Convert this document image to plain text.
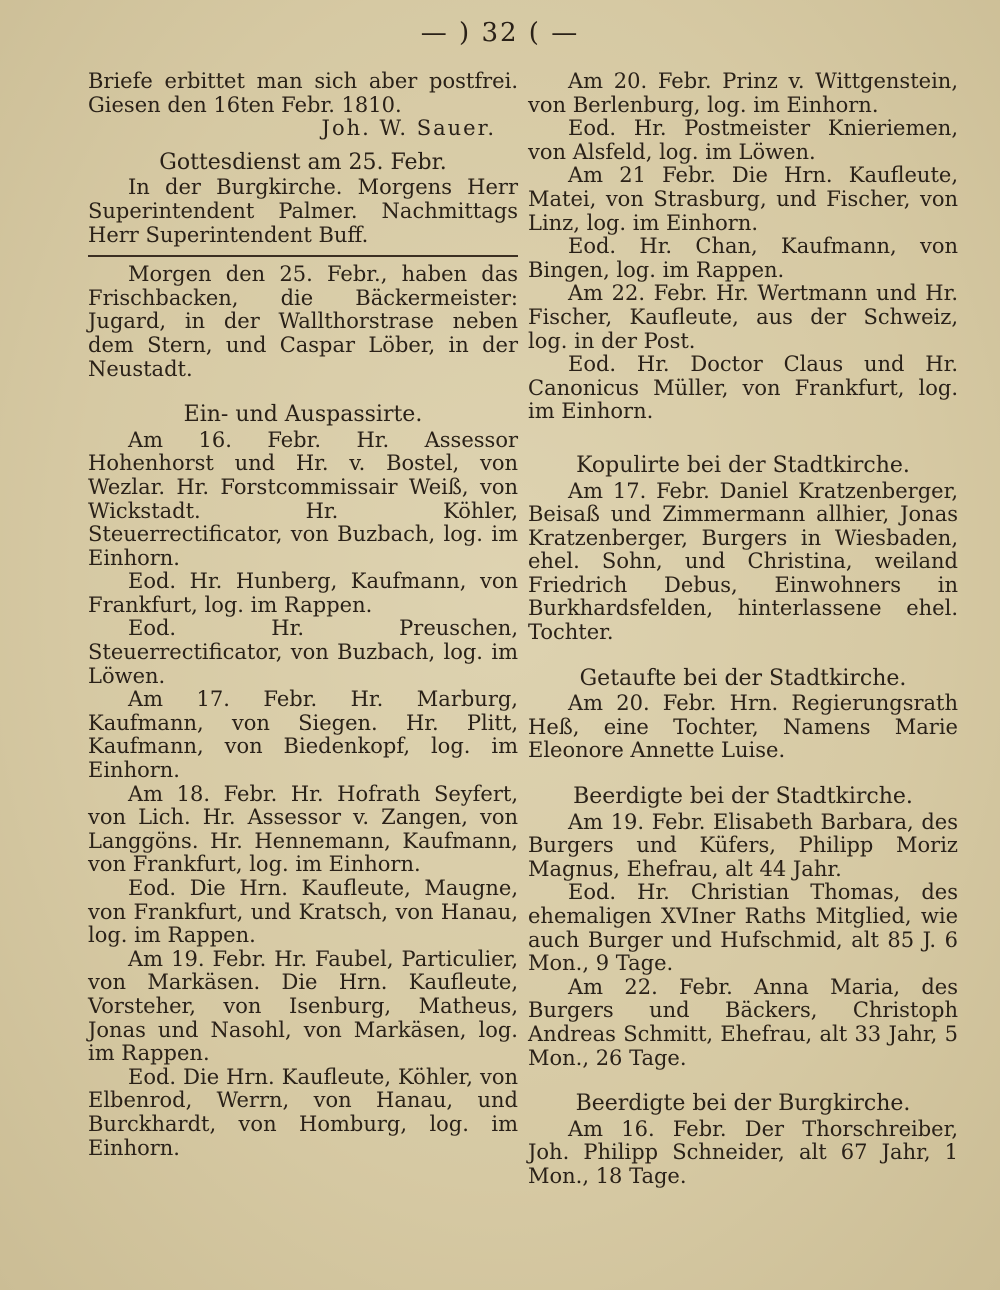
— ) 32 ( —

Briefe erbittet man sich aber postfrei. Giesen den 16ten Febr. 1810.

Joh. W. Sauer.

Gottesdienst am 25. Febr.

In der Burgkirche. Morgens Herr Superintendent Palmer. Nachmittags Herr Superintendent Buff.

Morgen den 25. Febr., haben das Frischbacken, die Bäckermeister: Jugard, in der Wallthorstrase neben dem Stern, und Caspar Löber, in der Neustadt.

Ein- und Auspassirte.

Am 16. Febr. Hr. Assessor Hohenhorst und Hr. v. Bostel, von Wezlar. Hr. Forstcommissair Weiß, von Wickstadt. Hr. Köhler, Steuerrectificator, von Buzbach, log. im Einhorn.

Eod. Hr. Hunberg, Kaufmann, von Frankfurt, log. im Rappen.

Eod. Hr. Preuschen, Steuerrectificator, von Buzbach, log. im Löwen.

Am 17. Febr. Hr. Marburg, Kaufmann, von Siegen. Hr. Plitt, Kaufmann, von Biedenkopf, log. im Einhorn.

Am 18. Febr. Hr. Hofrath Seyfert, von Lich. Hr. Assessor v. Zangen, von Langgöns. Hr. Hennemann, Kaufmann, von Frankfurt, log. im Einhorn.

Eod. Die Hrn. Kaufleute, Maugne, von Frankfurt, und Kratsch, von Hanau, log. im Rappen.

Am 19. Febr. Hr. Faubel, Particulier, von Markäsen. Die Hrn. Kaufleute, Vorsteher, von Isenburg, Matheus, Jonas und Nasohl, von Markäsen, log. im Rappen.

Eod. Die Hrn. Kaufleute, Köhler, von Elbenrod, Werrn, von Hanau, und Burckhardt, von Homburg, log. im Einhorn.

Am 20. Febr. Prinz v. Wittgenstein, von Berlenburg, log. im Einhorn.

Eod. Hr. Postmeister Knieriemen, von Alsfeld, log. im Löwen.

Am 21 Febr. Die Hrn. Kaufleute, Matei, von Strasburg, und Fischer, von Linz, log. im Einhorn.

Eod. Hr. Chan, Kaufmann, von Bingen, log. im Rappen.

Am 22. Febr. Hr. Wertmann und Hr. Fischer, Kaufleute, aus der Schweiz, log. in der Post.

Eod. Hr. Doctor Claus und Hr. Canonicus Müller, von Frankfurt, log. im Einhorn.

Kopulirte bei der Stadtkirche.

Am 17. Febr. Daniel Kratzenberger, Beisaß und Zimmermann allhier, Jonas Kratzenberger, Burgers in Wiesbaden, ehel. Sohn, und Christina, weiland Friedrich Debus, Einwohners in Burkhardsfelden, hinterlassene ehel. Tochter.

Getaufte bei der Stadtkirche.

Am 20. Febr. Hrn. Regierungsrath Heß, eine Tochter, Namens Marie Eleonore Annette Luise.

Beerdigte bei der Stadtkirche.

Am 19. Febr. Elisabeth Barbara, des Burgers und Küfers, Philipp Moriz Magnus, Ehefrau, alt 44 Jahr.

Eod. Hr. Christian Thomas, des ehemaligen XVIner Raths Mitglied, wie auch Burger und Hufschmid, alt 85 J. 6 Mon., 9 Tage.

Am 22. Febr. Anna Maria, des Burgers und Bäckers, Christoph Andreas Schmitt, Ehefrau, alt 33 Jahr, 5 Mon., 26 Tage.

Beerdigte bei der Burgkirche.

Am 16. Febr. Der Thorschreiber, Joh. Philipp Schneider, alt 67 Jahr, 1 Mon., 18 Tage.
